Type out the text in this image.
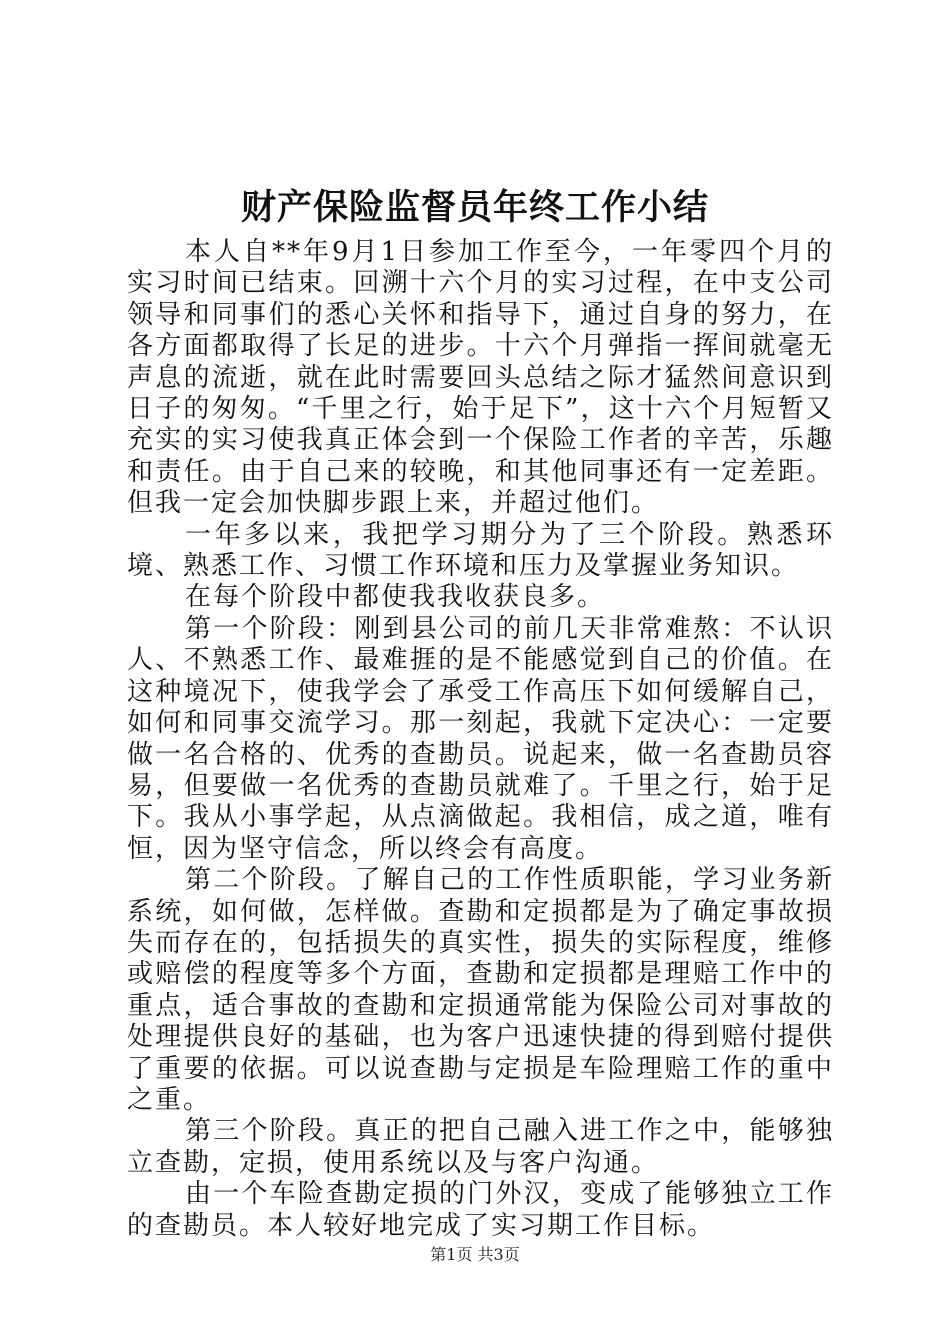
财产保险监督员年终工作小结

本人自**年9月1日参加工作至今，一年零四个月的实习时间已结束。回溯十六个月的实习过程，在中支公司领导和同事们的悉心关怀和指导下，通过自身的努力，在各方面都取得了长足的进步。十六个月弹指一挥间就毫无声息的流逝，就在此时需要回头总结之际才猛然间意识到日子的匆匆。“千里之行，始于足下”，这十六个月短暂又充实的实习使我真正体会到一个保险工作者的辛苦，乐趣和责任。由于自己来的较晚，和其他同事还有一定差距。但我一定会加快脚步跟上来，并超过他们。

一年多以来，我把学习期分为了三个阶段。熟悉环境、熟悉工作、习惯工作环境和压力及掌握业务知识。

在每个阶段中都使我我收获良多。

第一个阶段：刚到县公司的前几天非常难熬：不认识人、不熟悉工作、最难捱的是不能感觉到自己的价值。在这种境况下，使我学会了承受工作高压下如何缓解自己，如何和同事交流学习。那一刻起，我就下定决心：一定要做一名合格的、优秀的查勘员。说起来，做一名查勘员容易，但要做一名优秀的查勘员就难了。千里之行，始于足下。我从小事学起，从点滴做起。我相信，成之道，唯有恒，因为坚守信念，所以终会有高度。

第二个阶段。了解自己的工作性质职能，学习业务新系统，如何做，怎样做。查勘和定损都是为了确定事故损失而存在的，包括损失的真实性，损失的实际程度，维修或赔偿的程度等多个方面，查勘和定损都是理赔工作中的重点，适合事故的查勘和定损通常能为保险公司对事故的处理提供良好的基础，也为客户迅速快捷的得到赔付提供了重要的依据。可以说查勘与定损是车险理赔工作的重中之重。

第三个阶段。真正的把自己融入进工作之中，能够独立查勘，定损，使用系统以及与客户沟通。

由一个车险查勘定损的门外汉，变成了能够独立工作的查勘员。本人较好地完成了实习期工作目标。

第1页 共3页
